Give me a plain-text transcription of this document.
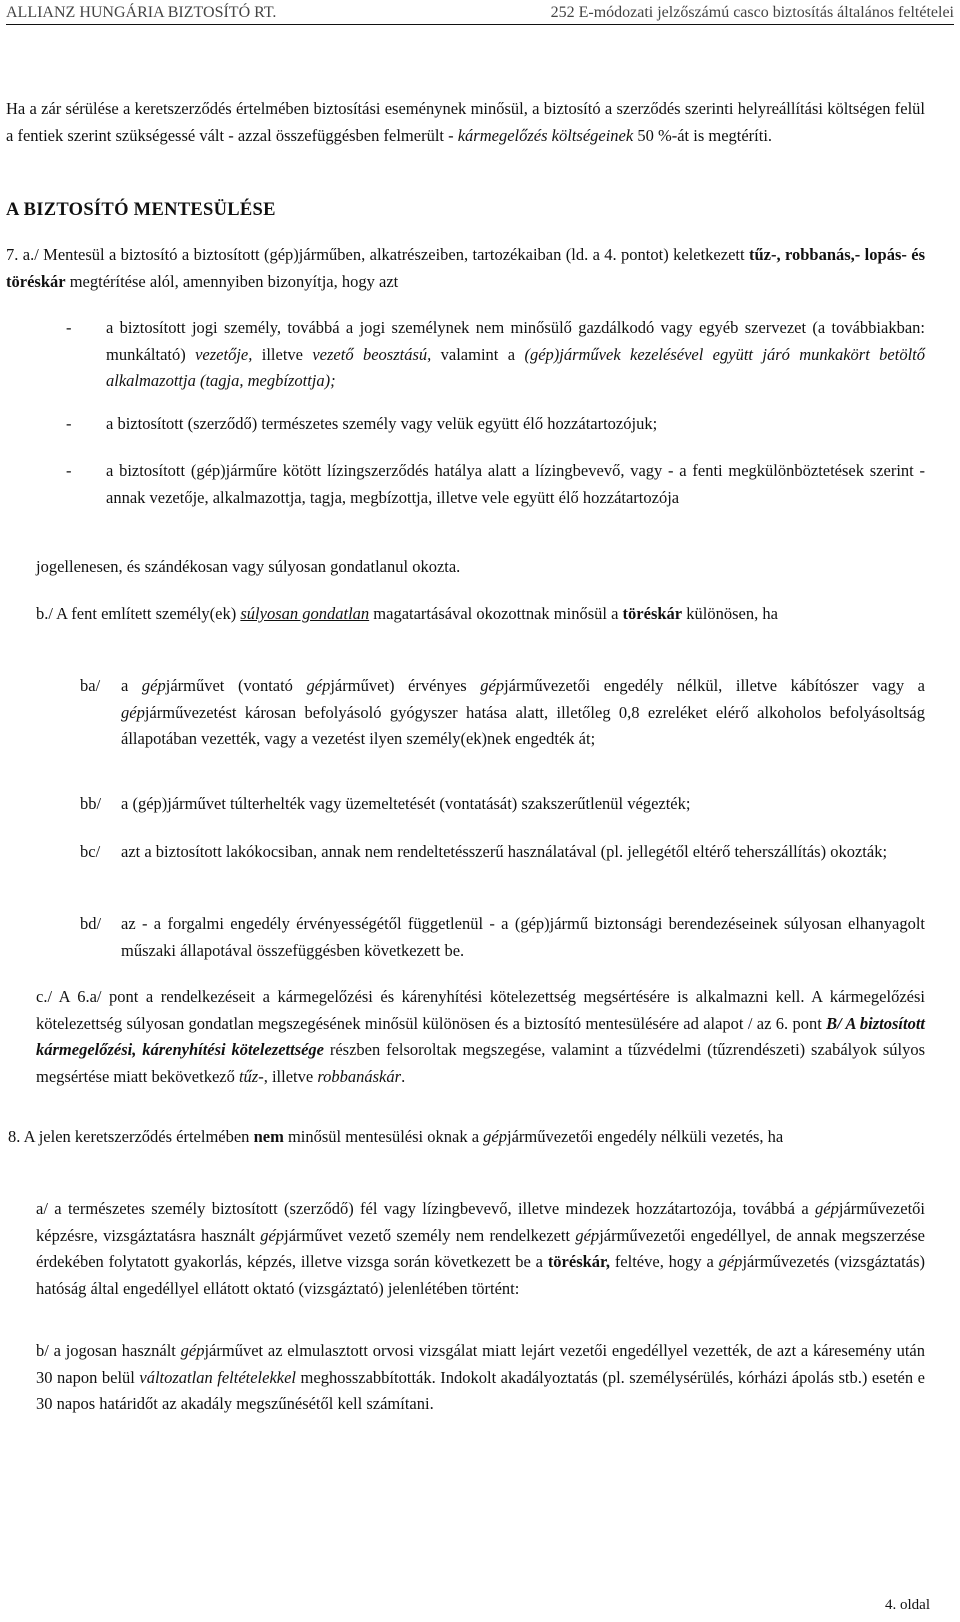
ALLIANZ HUNGÁRIA BIZTOSÍTÓ RT.	252 E-módozati jelzőszámú casco biztosítás általános feltételei

Ha a zár sérülése a keretszerződés értelmében biztosítási eseménynek minősül, a biztosító a szerződés szerinti helyreállítási költségen felül a fentiek szerint szükségessé vált - azzal összefüggésben felmerült - kármegelőzés költségeinek 50 %-át is megtéríti.

A BIZTOSÍTÓ MENTESÜLÉSE

7. a./ Mentesül a biztosító a biztosított (gép)járműben, alkatrészeiben, tartozékaiban (ld. a 4. pontot) keletkezett tűz-, robbanás,- lopás- és töréskár megtérítése alól, amennyiben bizonyítja, hogy azt

- a biztosított jogi személy, továbbá a jogi személynek nem minősülő gazdálkodó vagy egyéb szervezet (a továbbiakban: munkáltató) vezetője, illetve vezető beosztású, valamint a (gép)járművek kezelésével együtt járó munkakört betöltő alkalmazottja (tagja, megbízottja);

- a biztosított (szerződő) természetes személy vagy velük együtt élő hozzátartozójuk;

- a biztosított (gép)járműre kötött lízingszerződés hatálya alatt a lízingbevevő, vagy - a fenti megkülönböztetések szerint - annak vezetője, alkalmazottja, tagja, megbízottja, illetve vele együtt élő hozzátartozója

jogellenesen, és szándékosan vagy súlyosan gondatlanul okozta.

b./ A fent említett személy(ek) súlyosan gondatlan magatartásával okozottnak minősül a töréskár különösen, ha

ba/ a gépjárművet (vontató gépjárművet) érvényes gépjárművezetői engedély nélkül, illetve kábítószer vagy a gépjárművezetést károsan befolyásoló gyógyszer hatása alatt, illetőleg 0,8 ezreléket elérő alkoholos befolyásoltság állapotában vezették, vagy a vezetést ilyen személy(ek)nek engedték át;

bb/ a (gép)járművet túlterhelték vagy üzemeltetését (vontatását) szakszerűtlenül végezték;

bc/ azt a biztosított lakókocsiban, annak nem rendeltetésszerű használatával (pl. jellegétől eltérő teherszállítás) okozták;

bd/ az - a forgalmi engedély érvényességétől függetlenül - a (gép)jármű biztonsági berendezéseinek súlyosan elhanyagolt műszaki állapotával összefüggésben következett be.

c./ A 6.a/ pont a rendelkezéseit a kármegelőzési és kárenyhítési kötelezettség megsértésére is alkalmazni kell. A kármegelőzési kötelezettség súlyosan gondatlan megszegésének minősül különösen és a biztosító mentesülésére ad alapot / az 6. pont B/ A biztosított kármegelőzési, kárenyhítési kötelezettsége részben felsoroltak megszegése, valamint a tűzvédelmi (tűzrendészeti) szabályok súlyos megsértése miatt bekövetkező tűz-, illetve robbanáskár.

8. A jelen keretszerződés értelmében nem minősül mentesülési oknak a gépjárművezetői engedély nélküli vezetés, ha

a/ a természetes személy biztosított (szerződő) fél vagy lízingbevevő, illetve mindezek hozzátartozója, továbbá a gépjárművezetői képzésre, vizsgáztatásra használt gépjárművet vezető személy nem rendelkezett gépjárművezetői engedéllyel, de annak megszerzése érdekében folytatott gyakorlás, képzés, illetve vizsga során következett be a töréskár, feltéve, hogy a gépjárművezetés (vizsgáztatás) hatóság által engedéllyel ellátott oktató (vizsgáztató) jelenlétében történt:

b/ a jogosan használt gépjárművet az elmulasztott orvosi vizsgálat miatt lejárt vezetői engedéllyel vezették, de azt a káresemény után 30 napon belül változatlan feltételekkel meghosszabbították. Indokolt akadályoztatás (pl. személysérülés, kórházi ápolás stb.) esetén e 30 napos határidőt az akadály megszűnésétől kell számítani.

4. oldal
